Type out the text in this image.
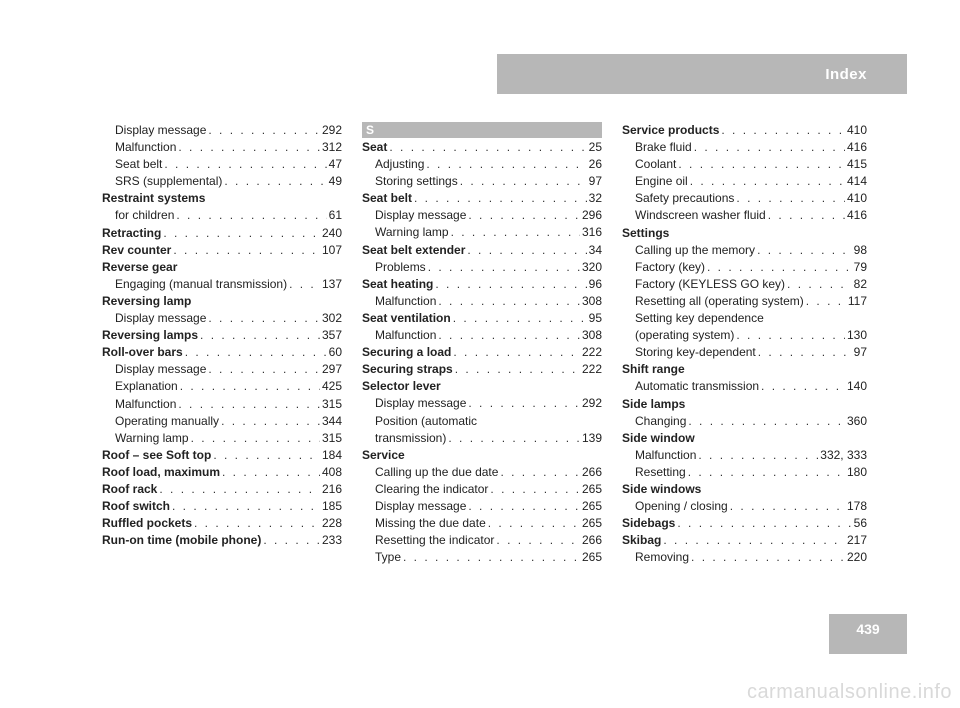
Index
Display message . . .	292
Malfunction . . .	312
Seat belt . . .	47
SRS (supplemental) . . .	49
Restraint systems
for children . . .	61
Retracting . . .	240
Rev counter . . .	107
Reverse gear
Engaging (manual transmission) . . .	137
Reversing lamp
Display message . . .	302
Reversing lamps . . .	357
Roll-over bars . . .	60
Display message . . .	297
Explanation . . .	425
Malfunction . . .	315
Operating manually . . .	344
Warning lamp . . .	315
Roof – see Soft top . . .	184
Roof load, maximum . . .	408
Roof rack . . .	216
Roof switch . . .	185
Ruffled pockets . . .	228
Run-on time (mobile phone) . . .	233
S
Seat . . .	25
Adjusting . . .	26
Storing settings . . .	97
Seat belt . . .	32
Display message . . .	296
Warning lamp . . .	316
Seat belt extender . . .	34
Problems . . .	320
Seat heating . . .	96
Malfunction . . .	308
Seat ventilation . . .	95
Malfunction . . .	308
Securing a load . . .	222
Securing straps . . .	222
Selector lever
Display message . . .	292
Position (automatic
transmission) . . .	139
Service
Calling up the due date . . .	266
Clearing the indicator . . .	265
Display message . . .	265
Missing the due date . . .	265
Resetting the indicator . . .	266
Type . . .	265
Service products . . .	410
Brake fluid . . .	416
Coolant . . .	415
Engine oil . . .	414
Safety precautions . . .	410
Windscreen washer fluid . . .	416
Settings
Calling up the memory . . .	98
Factory (key) . . .	79
Factory (KEYLESS GO key) . . .	82
Resetting all (operating system) . . .	117
Setting key dependence
(operating system) . . .	130
Storing key-dependent . . .	97
Shift range
Automatic transmission . . .	140
Side lamps
Changing . . .	360
Side window
Malfunction . . .	332, 333
Resetting . . .	180
Side windows
Opening / closing . . .	178
Sidebags . . .	56
Skibag . . .	217
Removing . . .	220
439
carmanualsonline.info
